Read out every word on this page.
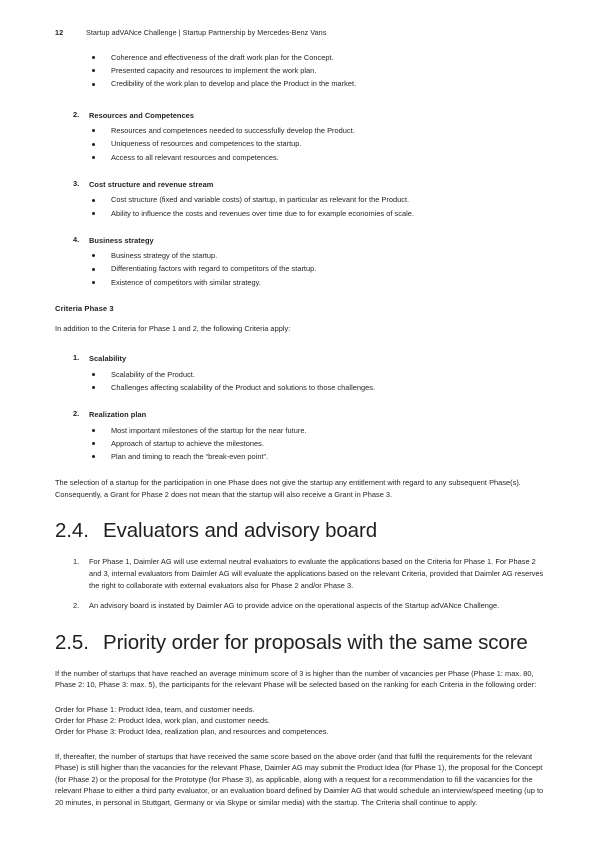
12	Startup adVANce Challenge | Startup Partnership by Mercedes-Benz Vans
Coherence and effectiveness of the draft work plan for the Concept.
Presented capacity and resources to implement the work plan.
Credibility of the work plan to develop and place the Product in the market.
2. Resources and Competences
Resources and competences needed to successfully develop the Product.
Uniqueness of resources and competences to the startup.
Access to all relevant resources and competences.
3. Cost structure and revenue stream
Cost structure (fixed and variable costs) of startup, in particular as relevant for the Product.
Ability to influence the costs and revenues over time due to for example economies of scale.
4. Business strategy
Business strategy of the startup.
Differentiating factors with regard to competitors of the startup.
Existence of competitors with similar strategy.
Criteria Phase 3

In addition to the Criteria for Phase 1 and 2, the following Criteria apply:

1. Scalability
Scalability of the Product.
Challenges affecting scalability of the Product and solutions to those challenges.
2. Realization plan
Most important milestones of the startup for the near future.
Approach of startup to achieve the milestones.
Plan and timing to reach the “break-even point”.

The selection of a startup for the participation in one Phase does not give the startup any entitlement with regard to any subsequent Phase(s). Consequently, a Grant for Phase 2 does not mean that the startup will also receive a Grant in Phase 3.

2.4. Evaluators and advisory board
1. For Phase 1, Daimler AG will use external neutral evaluators to evaluate the applications based on the Criteria for Phase 1. For Phase 2 and 3, internal evaluators from Daimler AG will evaluate the applications based on the relevant Criteria, provided that Daimler AG reserves the right to collaborate with external evaluators also for Phase 2 and/or Phase 3.
2. An advisory board is instated by Daimler AG to provide advice on the operational aspects of the Startup adVANce Challenge.
2.5. Priority order for proposals with the same score

If the number of startups that have reached an average minimum score of 3 is higher than the number of vacancies per Phase (Phase 1: max. 80, Phase 2: 10, Phase 3: max. 5), the participants for the relevant Phase will be selected based on the ranking for each Criteria in the following order:

Order for Phase 1: Product Idea, team, and customer needs.

Order for Phase 2: Product Idea, work plan, and customer needs.

Order for Phase 3: Product Idea, realization plan, and resources and competences.

If, thereafter, the number of startups that have received the same score based on the above order (and that fulfil the requirements for the relevant Phase) is still higher than the vacancies for the relevant Phase, Daimler AG may submit the Product Idea (for Phase 1), the proposal for the Concept (for Phase 2) or the proposal for the Prototype (for Phase 3), as applicable, along with a request for a recommendation to fill the vacancies for the relevant Phase to either a third party evaluator, or an evaluation board defined by Daimler AG that would schedule an interview/speed meeting (up to 20 minutes, in personal in Stuttgart, Germany or via Skype or similar media) with the startup. The Criteria shall continue to apply.
